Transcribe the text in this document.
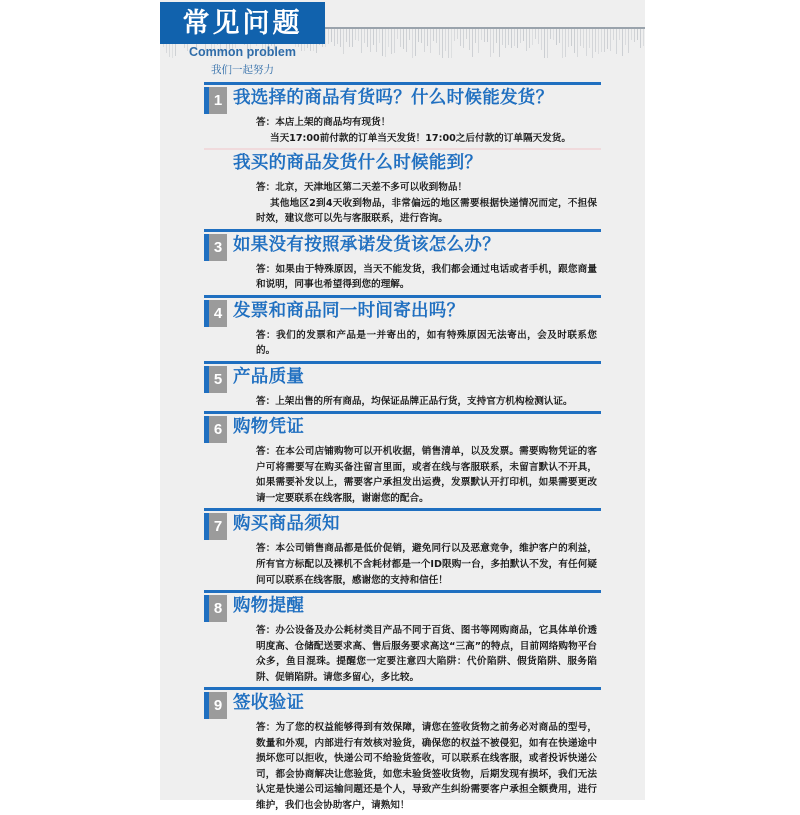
常见问题
Common problem
我们一起努力
1 我选择的商品有货吗？什么时候能发货？
答：本店上架的商品均有现货！
当天17:00前付款的订单当天发货！17:00之后付款的订单隔天发货。
我买的商品发货什么时候能到？
答：北京，天津地区第二天差不多可以收到物品！
其他地区2到4天收到物品，非常偏远的地区需要根据快递情况而定，不担保时效，建议您可以先与客服联系，进行咨询。
3 如果没有按照承诺发货该怎么办？
答：如果由于特殊原因，当天不能发货，我们都会通过电话或者手机，跟您商量和说明，同事也希望得到您的理解。
4 发票和商品同一时间寄出吗？
答：我们的发票和产品是一并寄出的，如有特殊原因无法寄出，会及时联系您的。
5 产品质量
答：上架出售的所有商品，均保证品牌正品行货，支持官方机构检测认证。
6 购物凭证
答：在本公司店铺购物可以开机收据，销售清单，以及发票。需要购物凭证的客户可将需要写在购买备注留言里面，或者在线与客服联系，未留言默认不开具，如果需要补发以上，需要客户承担发出运费，发票默认开打印机，如果需要更改请一定要联系在线客服，谢谢您的配合。
7 购买商品须知
答：本公司销售商品都是低价促销，避免同行以及恶意竞争，维护客户的利益，所有官方标配以及裸机不含耗材都是一个ID限购一台，多拍默认不发，有任何疑问可以联系在线客服，感谢您的支持和信任！
8 购物提醒
答：办公设备及办公耗材类目产品不同于百货、图书等网购商品，它具体单价透明度高、仓储配送要求高、售后服务要求高这“三高”的特点，目前网络购物平台众多，鱼目混珠。提醒您一定要注意四大陷阱：代价陷阱、假货陷阱、服务陷阱、促销陷阱。请您多留心，多比较。
9 签收验证
答：为了您的权益能够得到有效保障，请您在签收货物之前务必对商品的型号，数量和外观，内部进行有效核对验货，确保您的权益不被侵犯，如有在快递途中损坏您可以拒收，快递公司不给验货签收，可以联系在线客服，或者投诉快递公司，都会协商解决让您验货，如您未验货签收货物，后期发现有损坏，我们无法认定是快递公司运输问题还是个人，导致产生纠纷需要客户承担全额费用，进行维护，我们也会协助客户，请熟知！
